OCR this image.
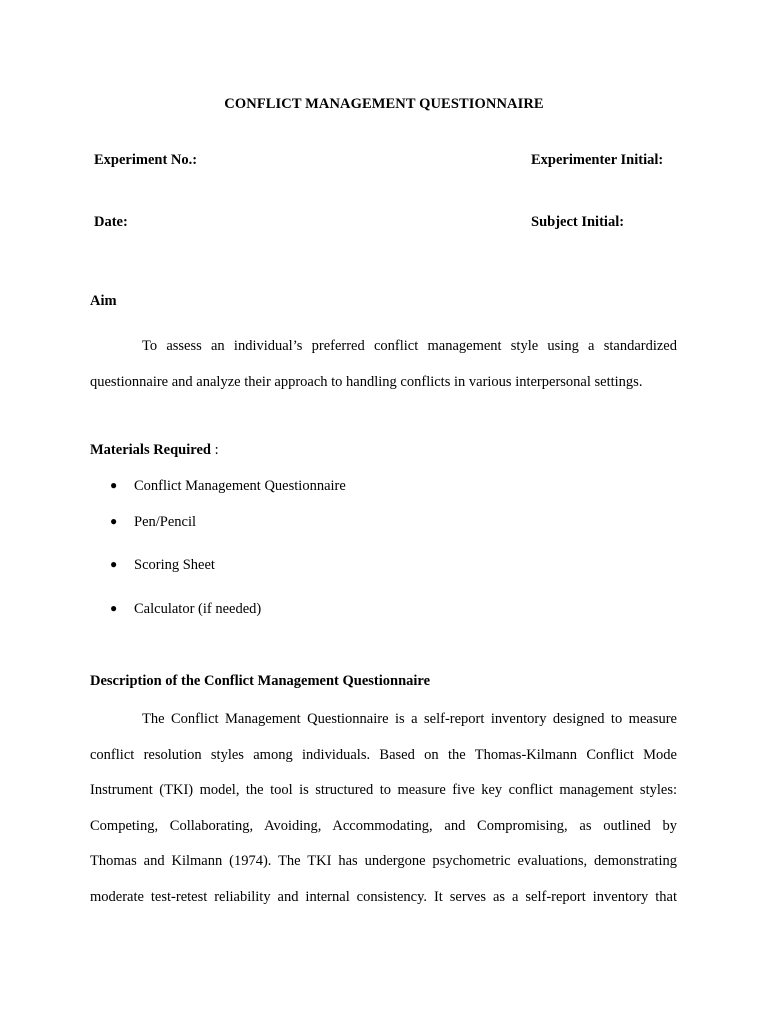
CONFLICT MANAGEMENT QUESTIONNAIRE
Experiment No.:	Experimenter Initial:
Date:	Subject Initial:
Aim
To assess an individual’s preferred conflict management style using a standardized
questionnaire and analyze their approach to handling conflicts in various interpersonal settings.
Materials Required :
● Conflict Management Questionnaire
● Pen/Pencil
● Scoring Sheet
● Calculator (if needed)
Description of the Conflict Management Questionnaire
The Conflict Management Questionnaire is a self-report inventory designed to measure
conflict resolution styles among individuals. Based on the Thomas-Kilmann Conflict Mode
Instrument (TKI) model, the tool is structured to measure five key conflict management styles:
Competing, Collaborating, Avoiding, Accommodating, and Compromising, as outlined by
Thomas and Kilmann (1974). The TKI has undergone psychometric evaluations, demonstrating
moderate test-retest reliability and internal consistency. It serves as a self-report inventory that
